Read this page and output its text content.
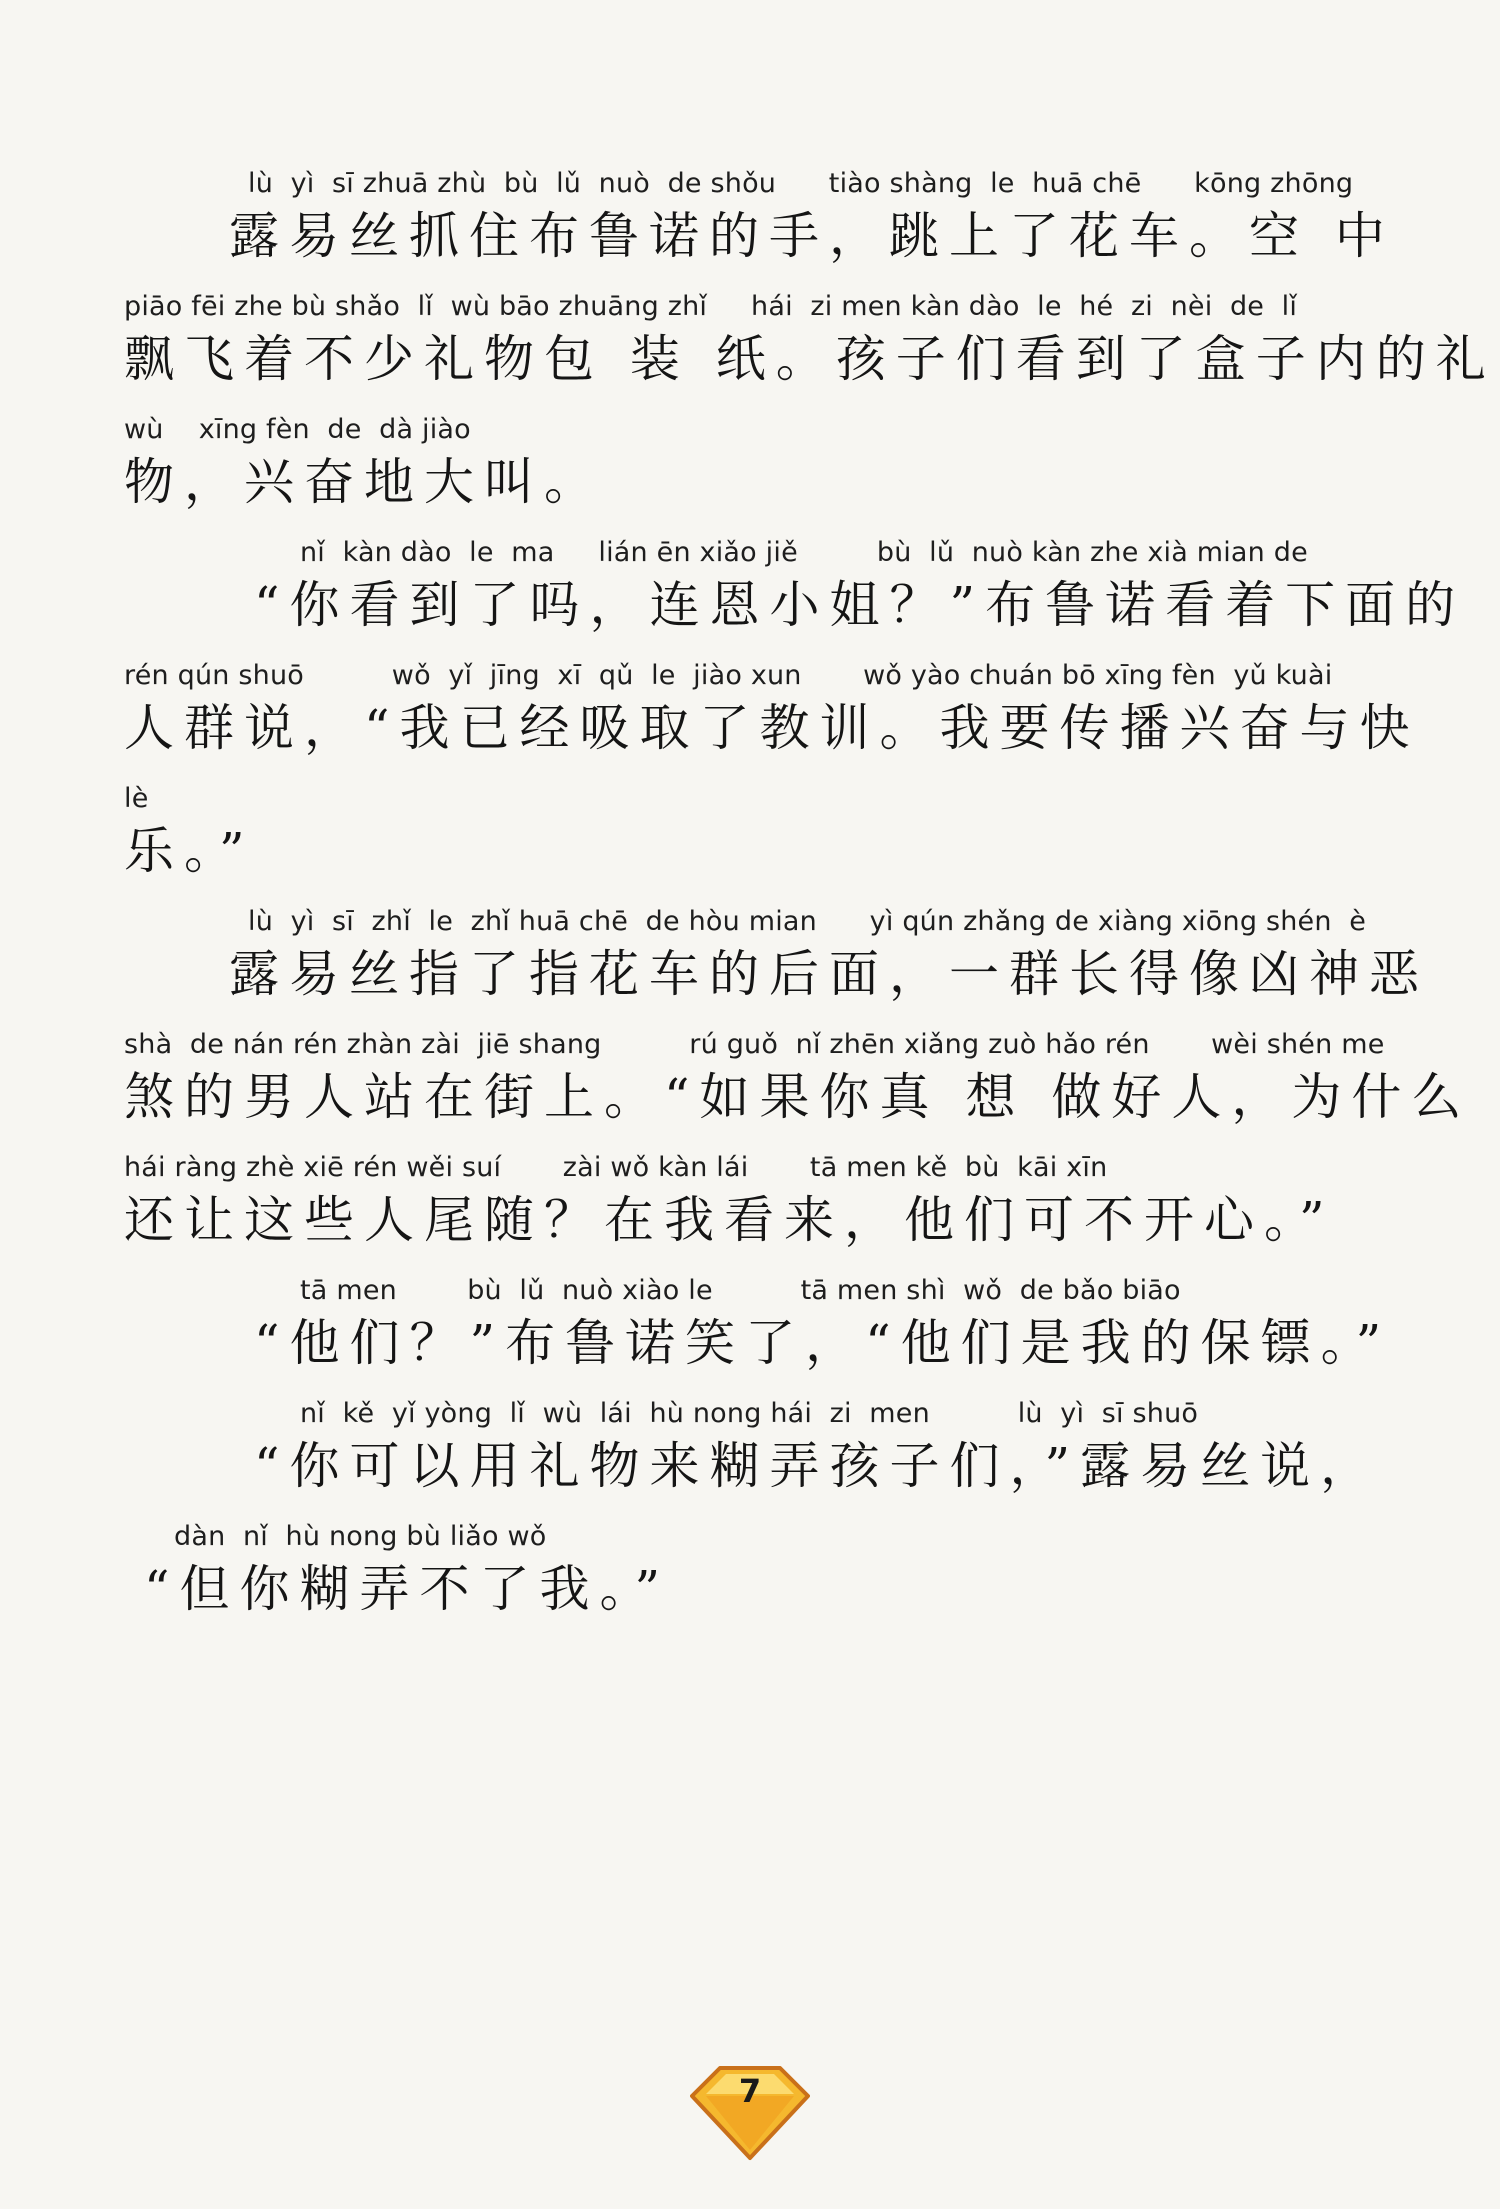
lù  yì  sī zhuā zhù  bù  lǔ  nuò  de shǒu      tiào shàng  le  huā chē      kōng zhōng
露易丝抓住布鲁诺的手，跳上了花车。空 中
piāo fēi zhe bù shǎo  lǐ  wù bāo zhuāng zhǐ     hái  zi men kàn dào  le  hé  zi  nèi  de  lǐ
飘飞着不少礼物包 装 纸。孩子们看到了盒子内的礼
wù    xīng fèn  de  dà jiào
物，兴奋地大叫。
nǐ  kàn dào  le  ma     lián ēn xiǎo jiě         bù  lǔ  nuò kàn zhe xià mian de
“你看到了吗，连恩小姐？”布鲁诺看着下面的
rén qún shuō          wǒ  yǐ  jīng  xī  qǔ  le  jiào xun       wǒ yào chuán bō xīng fèn  yǔ kuài
人群说，“我已经吸取了教训。我要传播兴奋与快
lè
乐。”
lù  yì  sī  zhǐ  le  zhǐ huā chē  de hòu mian      yì qún zhǎng de xiàng xiōng shén  è
露易丝指了指花车的后面，一群长得像凶神恶
shà  de nán rén zhàn zài  jiē shang          rú guǒ  nǐ zhēn xiǎng zuò hǎo rén       wèi shén me
煞的男人站在街上。“如果你真 想 做好人，为什么
hái ràng zhè xiē rén wěi suí       zài wǒ kàn lái       tā men kě  bù  kāi xīn
还让这些人尾随？在我看来，他们可不开心。”
tā men        bù  lǔ  nuò xiào le          tā men shì  wǒ  de bǎo biāo
“他们？”布鲁诺笑了，“他们是我的保镖。”
nǐ  kě  yǐ yòng  lǐ  wù  lái  hù nong hái  zi  men          lù  yì  sī shuō
“你可以用礼物来糊弄孩子们，”露易丝说，
dàn  nǐ  hù nong bù liǎo wǒ
“但你糊弄不了我。”
7
